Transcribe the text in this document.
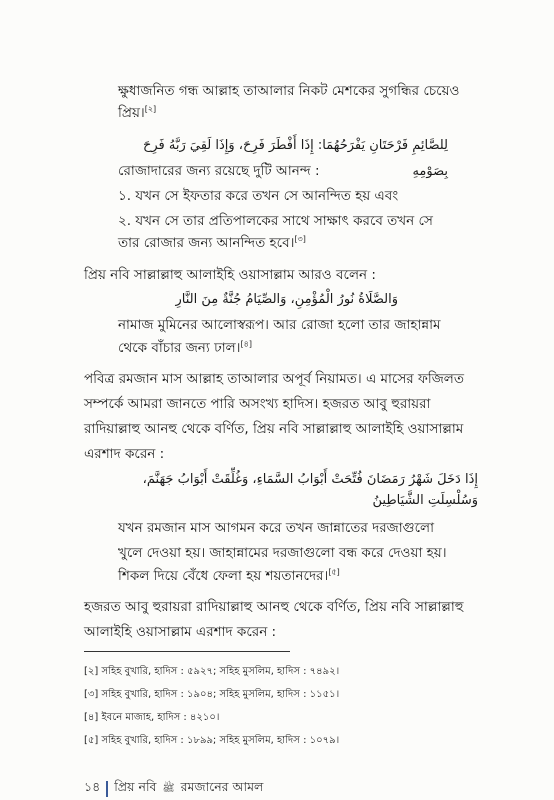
ক্ষুধাজনিত গন্ধ আল্লাহ তাআলার নিকট মেশকের সুগন্ধির চেয়েও

প্রিয়।[২]

لِلصَّائِمِ فَرْحَتَانِ يَفْرَحُهُمَا: إِذَا أَفْطَرَ فَرِحَ، وَإِذَا لَقِيَ رَبَّهُ فَرِحَ بِصَوْمِهِ

রোজাদারের জন্য রয়েছে দুটি আনন্দ :

১. যখন সে ইফতার করে তখন সে আনন্দিত হয় এবং

২. যখন সে তার প্রতিপালকের সাথে সাক্ষাৎ করবে তখন সে

তার রোজার জন্য আনন্দিত হবে।[৩]

প্রিয় নবি সাল্লাল্লাহু আলাইহি ওয়াসাল্লাম আরও বলেন :

وَالصَّلَاةُ نُورُ الْمُؤْمِنِ، وَالصِّيَامُ جُنَّةٌ مِنَ النَّارِ

নামাজ মুমিনের আলোস্বরূপ। আর রোজা হলো তার জাহান্নাম

থেকে বাঁচার জন্য ঢাল।[৪]

পবিত্র রমজান মাস আল্লাহ তাআলার অপূর্ব নিয়ামত। এ মাসের ফজিলত

সম্পর্কে আমরা জানতে পারি অসংখ্য হাদিস। হজরত আবু হুরায়রা

রাদিয়াল্লাহু আনহু থেকে বর্ণিত, প্রিয় নবি সাল্লাল্লাহু আলাইহি ওয়াসাল্লাম

এরশাদ করেন :

إِذَا دَخَلَ شَهْرُ رَمَضَانَ فُتِّحَتْ أَبْوَابُ السَّمَاءِ، وَغُلِّقَتْ أَبْوَابُ جَهَنَّمَ،

وَسُلْسِلَتِ الشَّيَاطِينُ

যখন রমজান মাস আগমন করে তখন জান্নাতের দরজাগুলো

খুলে দেওয়া হয়। জাহান্নামের দরজাগুলো বন্ধ করে দেওয়া হয়।

শিকল দিয়ে বেঁধে ফেলা হয় শয়তানদের।[৫]

হজরত আবু হুরায়রা রাদিয়াল্লাহু আনহু থেকে বর্ণিত, প্রিয় নবি সাল্লাল্লাহু

আলাইহি ওয়াসাল্লাম এরশাদ করেন :

[২] সহিহ বুখারি, হাদিস : ৫৯২৭; সহিহ মুসলিম, হাদিস : ৭৪৯২।
[৩] সহিহ বুখারি, হাদিস : ১৯০৪; সহিহ মুসলিম, হাদিস : ১১৫১।
[৪] ইবনে মাজাহ, হাদিস : ৪২১০।
[৫] সহিহ বুখারি, হাদিস : ১৮৯৯; সহিহ মুসলিম, হাদিস : ১০৭৯।
১৪ প্রিয় নবি ﷺ রমজানের আমল
